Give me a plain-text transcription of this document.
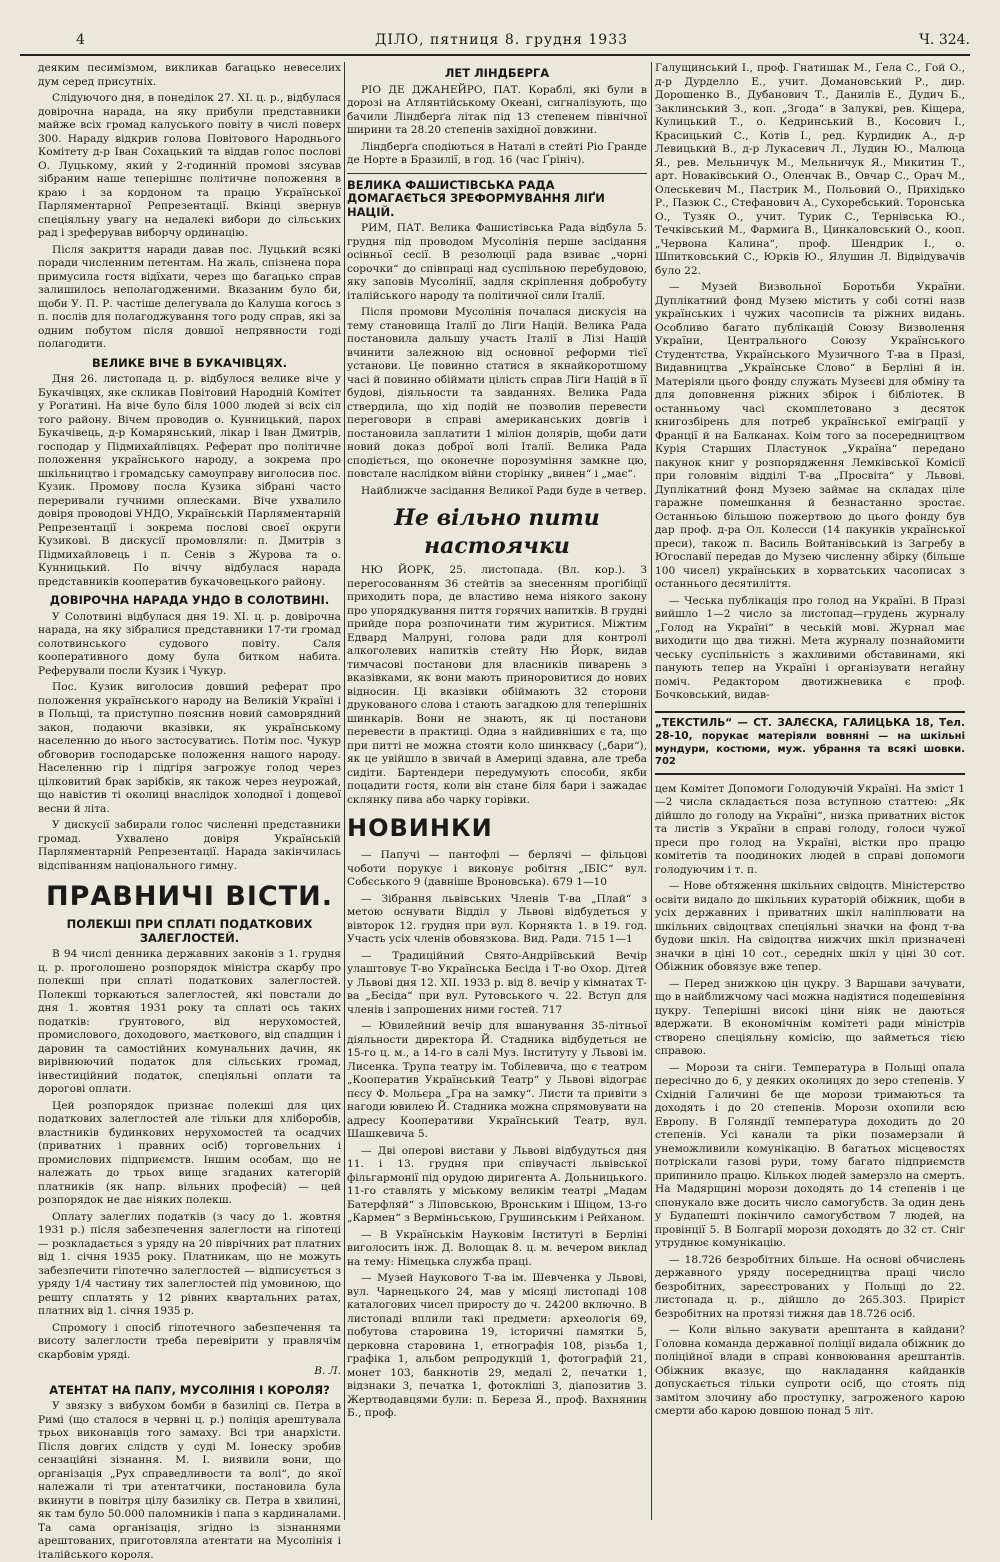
4	ДІЛО, пятниця 8. грудня 1933	Ч. 324.

деяким песимізмом, викликав багацько невеселих дум серед присутніх.

Слідуючого дня, в понеділок 27. XI. ц. р., відбулася довірочна нарада, на яку прибули представники майже всіх громад калуського повіту в числі поверх 300. Нараду відкрив голова Повітового Народнього Комітету д-р Іван Сохацький та віддав голос послові О. Луцькому, який у 2-годинній промові зясував зібраним наше теперішнє політичне положення в краю і за кордоном та працю Української Парляментарної Репрезентації. Вкінці звернув спеціяльну увагу на недалекі вибори до сільських рад і зреферував виборчу ординацію.

Після закриття наради давав пос. Луцький всякі поради численним петентам. На жаль, спізнена пора примусила гостя відїхати, через що багацько справ залишилось неполагодженими. Вказаним було би, щоби У. П. Р. частіше делегувала до Калуша когось з п. послів для полагоджування того роду справ, які за одним побутом після довшої непрявности годі полагодити.

ВЕЛИКЕ ВІЧЕ В БУКАЧІВЦЯХ.

Дня 26. листопада ц. р. відбулося велике віче у Букачівцях, яке скликав Повітовий Народній Комітет у Рогатині. На віче було біля 1000 людей зі всіх сіл того району. Вічем проводив о. Кунницький, парох Букачівець, д-р Комарянський, лікар і Іван Дмитрів, господар у Підмихайлівцях. Реферат про політичне положення українського народу, а зокрема про шкільництво і громадську самоуправу виголосив пос. Кузик. Промову посла Кузика зібрані часто переривали гучними оплесками. Віче ухвалило довіря проводові УНДО, Українській Парляментарній Репрезентації і зокрема послові своєї округи Кузикові. В дискусії промовляли: п. Дмитрів з Підмихайловець і п. Сенів з Журова та о. Кунницький. По віччу відбулася нарада представників кооператив букачовецького району.

ДОВІРОЧНА НАРАДА УНДО В СОЛОТВИНІ.

У Солотвині відбулася дня 19. XI. ц. р. довірочна нарада, на яку зібралися представники 17-ти громад солотвинського судового повіту. Саля кооперативного дому була битком набита. Реферували посли Кузик і Чукур.

Пос. Кузик виголосив довший реферат про положення українського народу на Великій Україні і в Польщі, та приступно пояснив новий самоврядний закон, подаючи вказівки, як українському населенню до нього застосуватись. Потім пос. Чукур обговорив господарське положення нашого народу. Населенню гір і підгіря загрожує голод через цілковитий брак зарібків, як також через неурожай, що навістив ті околиці внаслідок холодної і дощевої весни й літа.

У дискусії забирали голос численні представники громад. Ухвалено довіря Українській Парляментарній Репрезентації. Нарада закінчилась відспіванням національного гимну.

ПРАВНИЧІ ВІСТИ.
ПОЛЕКШІ ПРИ СПЛАТІ ПОДАТКОВИХ ЗАЛЕГЛОСТЕЙ.

В 94 числі денника державних законів з 1. грудня ц. р. проголошено розпорядок міністра скарбу про полекші при сплаті податкових залеглостей. Полекші торкаються залеглостей, які повстали до дня 1. жовтня 1931 року та сплаті ось таких податків: ґрунтового, від нерухомостей, промислового, доходового, маєткового, від спадщин і даровин та самостійних комунальних дачин, як вирівнюючий податок для сільських громад, інвестиційний податок, спеціяльні оплати та дорогові оплати.

Цей розпорядок признає полекші для цих податкових залеглостей але тільки для хліборобів, властників будинкових нерухомостей та осадчих (приватних і правних осіб) торговельних і промислових підприємств. Іншим особам, що не належать до трьох вище згаданих категорій платників (як напр. вільних професій) — цей розпорядок не дає ніяких полекш.

Оплату залеглих податків (з часу до 1. жовтня 1931 р.) після забезпечення залеглости на гіпотеці — розкладається з уряду на 20 піврічних рат платних від 1. січня 1935 року. Платникам, що не можуть забезпечити гіпотечно залеглостей — відписується з уряду 1/4 частину тих залеглостей під умовиною, що решту сплатять у 12 рівних квартальних ратах, платних від 1. січня 1935 р.

Спромогу і спосіб гіпотечного забезпечення та висоту залеглости треба перевірити у правлячім скарбовім уряді.

В. Л.
АТЕНТАТ НА ПАПУ, МУСОЛІНІЯ І КОРОЛЯ?

У звязку з вибухом бомби в базиліці св. Петра в Римі (що сталося в червні ц. р.) поліція арештувала трьох виконавців того замаху. Всі три анархісти. Після довгих слідств у суді М. Іонеску зробив сензаційні зізнання. М. І. виявили вони, що організація „Рух справедливости та волі“, до якої належали ті три атентатчики, постановила була вкинути в повітря цілу базиліку св. Петра в хвилині, як там було 50.000 паломників і папа з кардиналами. Та сама організація, згідно із зізнаннями арештованих, приготовляла атентати на Мусолінія і італійського короля.

ЛЕТ ЛІНДБЕРГА

РІО ДЕ ДЖАНЕЙРО, ПАТ. Кораблі, які були в дорозі на Атлянтійському Океані, сигналізують, що бачили Ліндберґа літак під 13 степенем північної ширини та 28.20 степенів західної довжини.

Ліндберґа сподіються в Наталі в стейті Ріо Гранде де Норте в Бразилії, в год. 16 (час Ґрініч).

ВЕЛИКА ФАШИСТІВСЬКА РАДА ДОМАГАЄТЬСЯ ЗРЕФОРМУВАННЯ ЛІҐИ НАЦІЙ.

РИМ, ПАТ. Велика Фашистівська Рада відбула 5. грудня під проводом Мусолінія перше засідання осінньої сесії. В резолюції рада взиває „чорні сорочки“ до співпраці над суспільною перебудовою, яку заповів Мусолінії, задля скріплення добробуту італійського народу та політичної сили Італії.

Після промови Мусолінія почалася дискусія на тему становища Італії до Ліґи Націй. Велика Рада постановила дальшу участь Італії в Лізі Націй вчинити залежною від основної реформи тієї установи. Це повинно статися в якнайкоротшому часі й повинно обіймати цілість справ Ліґи Націй в її будові, діяльности та завданнях. Велика Рада ствердила, що хід подій не позволив перевести переговори в справі американських довгів і постановила заплатити 1 міліон долярів, щоби дати новий доказ доброї волі Італії. Велика Рада сподіється, що оконечне порозуміння замкне цю, повстале наслідком війни сторінку „винен“ і „має“.

Найближче засідання Великої Ради буде в четвер.

Не вільно пити настоячки

НЮ ЙОРК, 25. листопада. (Вл. кор.). З перегосованням 36 стейтів за знесенням прогібіції приходить пора, де властиво нема ніякого закону про упорядкування пиття горячих напитків. В грудні прийде пора розпочинати тим журитися. Міжтим Едвард Малруні, голова ради для контролі алкоголевих напитків стейту Ню Йорк, видав тимчасові постанови для власників пиварень з вказівками, як вони мають приноровитися до нових відносин. Ці вказівки обіймають 32 сторони друкованого слова і стають загадкою для теперішніх шинкарів. Вони не знають, як ці постанови перевести в практиці. Одна з найдивніших є та, що при питті не можна стояти коло шинквасу („бари“), як це увійшло в звичай в Америці здавна, але треба сидіти. Бартендери передумують способи, якби поцадити гостя, коли він стане біля бари і зажадає склянку пива або чарку горівки.

НОВИНКИ

— Папучі — пантофлі — берлячі — фільцові чоботи порукує і виконує робітня „ІБІС“ вул. Собєського 9 (давніше Вроновська). 679 1—10

— Зібрання львівських Членів Т-ва „Плай“ з метою оснувати Відділ у Львові відбудеться у вівторок 12. грудня при вул. Корнякта 1. в 19. год. Участь усіх членів обовязкова. Вид. Ради. 715 1—1

— Традиційний Свято-Андріївський Вечір улаштовує Т-во Українська Бесіда і Т-во Охор. Дітей у Львові дня 12. XII. 1933 р. від 8. вечір у кімнатах Т-ва „Бесіда“ при вул. Рутовського ч. 22. Вступ для членів і запрошених ними гостей. 717

— Ювилейний вечір для вшанування 35-літньої діяльности директора Й. Стадника відбудеться не 15-го ц. м., а 14-го в салі Муз. Інституту у Львові ім. Лисенка. Трупа театру ім. Тобілевича, що є театром „Кооператив Український Театр“ у Львові відограє пєсу Ф. Мольєра „Гра на замку“. Листи та привіти з нагоди ювилею Й. Стадника можна спрямовувати на адресу Кооперативи Український Театр, вул. Шашкевича 5.

— Дві оперові вистави у Львові відбудуться дня 11. і 13. грудня при співучасті львівської фільгармонії під орудою диригента А. Дольницького. 11-го ставлять у міському великім театрі „Мадам Батерфляй“ з Ліповською, Вронським і Шіцом, 13-го „Кармен“ з Верміньською, Грушинським і Рейханом.

— В Українськім Науковім Інституті в Берліні виголосить інж. Д. Волощак 8. ц. м. вечером виклад на тему: Німецька служба праці.

— Музей Наукового Т-ва ім. Шевченка у Львові, вул. Чарнецького 24, мав у місяці листопаді 108 каталогових чисел приросту до ч. 24200 включно. В листопаді вплили такі предмети: археологія 69, побутова старовина 19, історичні памятки 5, церковна старовина 1, етнографія 108, різьба 1, графіка 1, альбом репродукцій 1, фотографій 21, монет 103, банкнотів 29, медалі 2, печатки 1, відзнаки 3, печатка 1, фотокліші 3, діапозитив 3. Жертводавцями були: п. Береза Я., проф. Вахнянин Б., проф.

Галущинський І., проф. Гнатишак М., Ґела С., Гой О., д-р Дурделло Е., учит. Домановський Р., дир. Дорошенко В., Дубанович Т., Данилів Е., Дудич Б., Заклинський З., коп. „Згода“ в Залукві, рев. Кіщера, Кулицький Т., о. Кедринський В., Косович І., Красицький С., Котів І., ред. Курдидик А., д-р Левицький В., д-р Лукасевич Л., Лудин Ю., Малюца Я., рев. Мельничук М., Мельничук Я., Микитин Т., арт. Новаківський О., Оленчак В., Овчар С., Орач М., Олеськевич М., Пастрик М., Польовий О., Прихідько Р., Пазюк С., Стефанович А., Сухоребський. Торонська О., Тузяк О., учит. Турик С., Тернівська Ю., Течківський М., Фармиґа В., Цинкаловський О., кооп. „Червона Калина“, проф. Шендрик І., о. Шпитковський С., Юрків Ю., Ялушин Л. Відвідувачів було 22.

— Музей Визвольної Боротьби України. Дуплікатний фонд Музею містить у собі сотні назв українських і чужих часописів та ріжних видань. Особливо багато публікацій Союзу Визволення України, Центрального Союзу Українського Студентства, Українського Музичного Т-ва в Празі, Видавництва „Українське Слово“ в Берліні й ін. Матеріяли цього фонду служать Музеєві для обміну та для доповнення ріжних збірок і бібліотек. В останньому часі скомплетовано з десяток книгозбірень для потреб української еміґрації у Франції й на Балканах. Коім того за посередництвом Курія Старших Пластунок „Україна“ передано пакунок книг у розпорядження Лемківської Комісії при головнім відділі Т-ва „Просвіта“ у Львові. Дуплікатний фонд Музею займає на складах ціле гаражне помешкання й безнастанно зростає. Останньою більшою пожертвою до цього фонду був дар проф. д-ра Ол. Колесси (14 пакунків української преси), також п. Василь Войтанівський із Загребу в Югославії передав до Музею численну збірку (більше 100 чисел) українських в хорватських часописах з останнього десятиліття.

— Чеська публікація про голод на Україні. В Празі вийшло 1—2 число за листопад—грудень журналу „Голод на Україні“ в чеській мові. Журнал має виходити що два тижні. Мета журналу познайомити чеську суспільність з жахливими обставинами, які панують тепер на Україні і організувати негайну поміч. Редактором двотижневика є проф. Бочковський, видав-

„ТЕКСТИЛЬ“ — СТ. ЗАЛЄСКА, ГАЛИЦЬКА 18, Тел. 28-10, порукає матеріяли вовняні — на шкільні мундури, костюми, муж. убрання та всякі шовки. 702

цем Комітет Допомоги Голодуючій Україні. На зміст 1—2 числа складається поза вступною статтею: „Як дійшло до голоду на Україні“, низка приватних вісток та листів з України в справі голоду, голоси чужої преси про голод на Україні, вістки про працю комітетів та поодиноких людей в справі допомоги голодуючим і т. п.

— Нове обтяження шкільних свідоцтв. Міністерство освіти видало до шкільних кураторій обіжник, щоби в усіх державних і приватних шкіл наліплювати на шкільних свідоцтвах спеціяльні значки на фонд т-ва будови шкіл. На свідоцтва нижчих шкіл призначені значки в ціні 10 сот., середніх шкіл у ціні 30 сот. Обіжник обовязує вже тепер.

— Перед знижкою цін цукру. З Варшави зачувати, що в найближчому часі можна надіятися подешевіння цукру. Теперішні високі ціни ніяк не даються вдержати. В економічнім комітеті ради міністрів створено спеціяльну комісію, що займеться тією справою.

— Морози та сніги. Температура в Польщі опала пересічно до 6, у деяких околицях до зеро степенів. У Східній Галичині бе ще морози тримаються та доходять і до 20 степенів. Морози охопили всю Европу. В Голяндії температура доходить до 20 степенів. Усі канали та ріки позамерзали й унеможливили комунікацію. В багатьох місцевостях потріскали газові рури, тому багато підприємств припинило працю. Кількох людей замерзло на смерть. На Мадярщині морози доходять до 14 степенів і це спонукало вже досить число самогубств. За один день у Будапешті покінчило самогубством 7 людей, на провінції 5. В Болгарії морози доходять до 32 ст. Сніг утруднює комунікацію.

— 18.726 безробітних більше. На основі обчислень державного уряду посередництва праці число безробітних, зареєстрованих у Польщі до 22. листопада ц. р., дійшло до 265.303. Приріст безробітних на протязі тижня дав 18.726 осіб.

— Коли вільно закувати арештанта в кайдани? Головна команда державної поліції видала обіжник до поліційної влади в справі конвоювання арештантів. Обіжник вказує, що накладання кайданків допускається тільки супроти осіб, що стоять під замітом злочину або проступку, загроженого карою смерти або карою довшою понад 5 літ.
